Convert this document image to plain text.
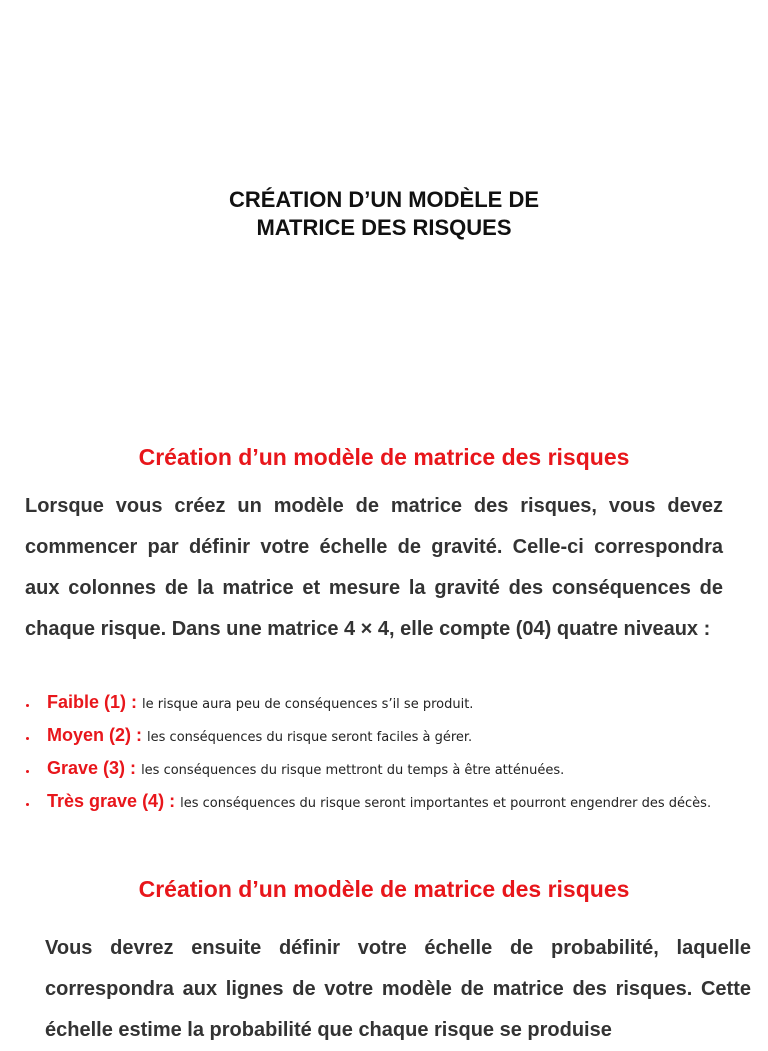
CRÉATION D’UN MODÈLE DE
MATRICE DES RISQUES
Création d’un modèle de matrice des risques
Lorsque vous créez un modèle de matrice des risques, vous devez commencer par définir votre échelle de gravité. Celle-ci correspondra aux colonnes de la matrice et mesure la gravité des conséquences de chaque risque. Dans une matrice 4 × 4, elle compte (04) quatre niveaux :
Faible (1) : le risque aura peu de conséquences s’il se produit.
Moyen (2) : les conséquences du risque seront faciles à gérer.
Grave (3) : les conséquences du risque mettront du temps à être atténuées.
Très grave (4) : les conséquences du risque seront importantes et pourront engendrer des décès.
Création d’un modèle de matrice des risques
Vous devrez ensuite définir votre échelle de probabilité, laquelle correspondra aux lignes de votre modèle de matrice des risques. Cette échelle estime la probabilité que chaque risque se produise
